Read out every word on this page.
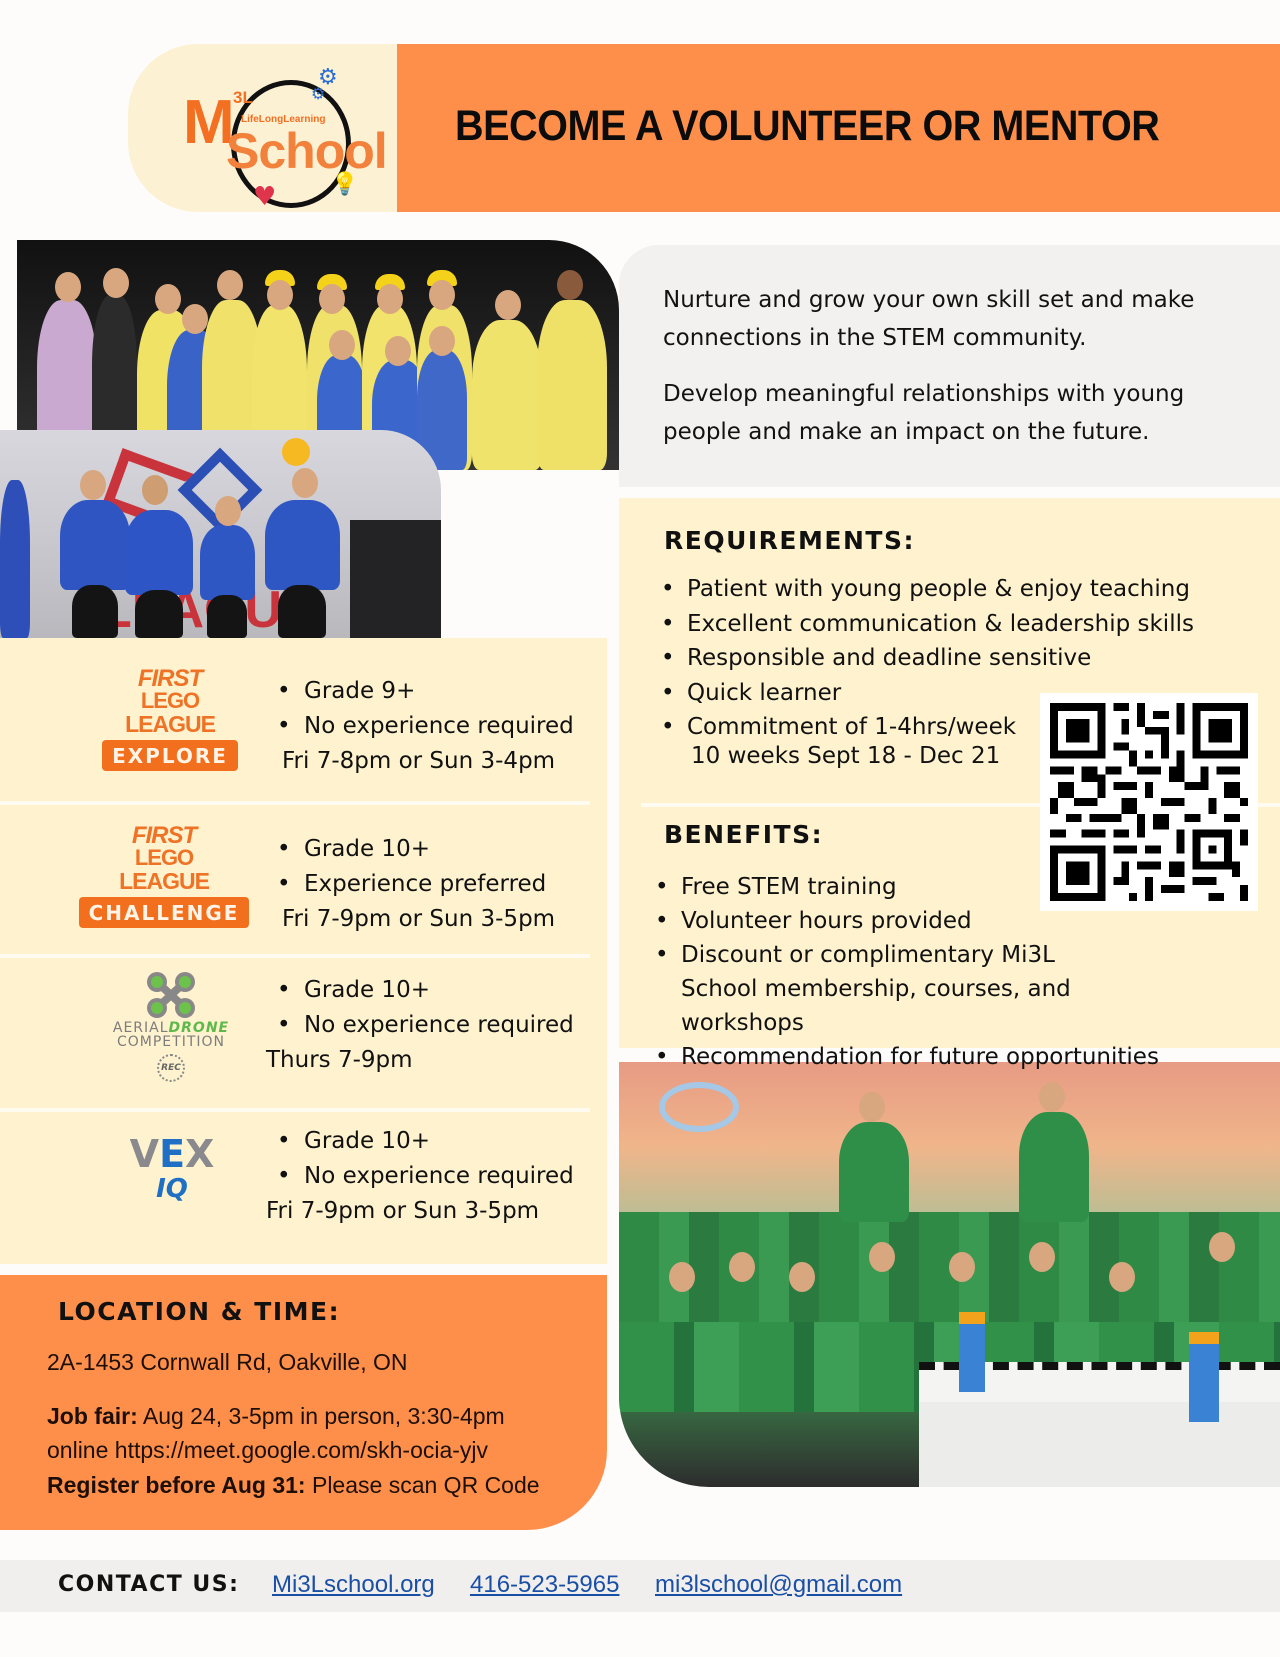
M
3L
LifeLongLearning
School
⚙
⚙
💡
♥
BECOME A VOLUNTEER OR MENTOR

Nurture and grow your own skill set and make connections in the STEM community.

Develop meaningful relationships with young people and make an impact on the future.

REQUIREMENTS:
• Patient with young people & enjoy teaching
• Excellent communication & leadership skills
• Responsible and deadline sensitive
• Quick learner
• Commitment of 1-4hrs/week
10 weeks Sept 18 - Dec 21
BENEFITS:
• Free STEM training
• Volunteer hours provided
• Discount or complimentary Mi3L School membership, courses, and workshops
• Recommendation for future opportunities
FIRST
LEGO
LEAGUE
EXPLORE
• Grade 9+
• No experience required
Fri 7-8pm or Sun 3-4pm
FIRST
LEGO
LEAGUE
CHALLENGE
• Grade 10+
• Experience preferred
Fri 7-9pm or Sun 3-5pm
AERIALDRONE
COMPETITION
REC
• Grade 10+
• No experience required
Thurs 7-9pm
VEX
IQ
• Grade 10+
• No experience required
Fri 7-9pm or Sun 3-5pm
LOCATION & TIME:
2A-1453 Cornwall Rd, Oakville, ON
Job fair: Aug 24, 3-5pm in person, 3:30-4pm
online https://meet.google.com/skh-ocia-yjv
Register before Aug 31: Please scan QR Code
CONTACT US: Mi3Lschool.org 416-523-5965 mi3lschool@gmail.com
